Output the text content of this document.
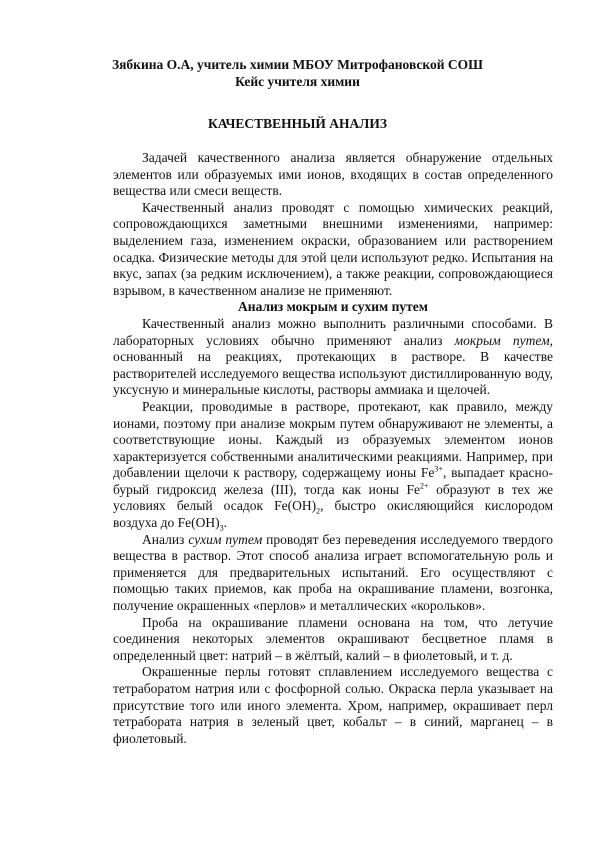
Зябкина О.А, учитель химии МБОУ Митрофановской СОШ
Кейс учителя химии
КАЧЕСТВЕННЫЙ АНАЛИЗ

Задачей качественного анализа является обнаружение отдельных элементов или образуемых ими ионов, входящих в состав определенного вещества или смеси веществ.

Качественный анализ проводят с помощью химических реакций, сопровождающихся заметными внешними изменениями, например: выделением газа, изменением окраски, образованием или растворением осадка. Физические методы для этой цели используют редко. Испытания на вкус, запах (за редким исключением), а также реакции, сопровождающиеся взрывом, в качественном анализе не применяют.

Анализ мокрым и сухим путем

Качественный анализ можно выполнить различными способами. В лабораторных условиях обычно применяют анализ мокрым путем, основанный на реакциях, протекающих в растворе. В качестве растворителей исследуемого вещества используют дистиллированную воду, уксусную и минеральные кислоты, растворы аммиака и щелочей.

Реакции, проводимые в растворе, протекают, как правило, между ионами, поэтому при анализе мокрым путем обнаруживают не элементы, а соответствующие ионы. Каждый из образуемых элементом ионов характеризуется собственными аналитическими реакциями. Например, при добавлении щелочи к раствору, содержащему ионы $Fe^{3+}$, выпадает красно-бурый гидроксид железа (III), тогда как ионы $Fe^{2+}$ образуют в тех же условиях белый осадок $Fe(OH)_2$, быстро окисляющийся кислородом воздуха до $Fe(OH)_3$.

Анализ сухим путем проводят без переведения исследуемого твердого вещества в раствор. Этот способ анализа играет вспомогательную роль и применяется для предварительных испытаний. Его осуществляют с помощью таких приемов, как проба на окрашивание пламени, возгонка, получение окрашенных «перлов» и металлических «корольков».

Проба на окрашивание пламени основана на том, что летучие соединения некоторых элементов окрашивают бесцветное пламя в определенный цвет: натрий – в жёлтый, калий – в фиолетовый, и т. д.

Окрашенные перлы готовят сплавлением исследуемого вещества с тетраборатом натрия или с фосфорной солью. Окраска перла указывает на присутствие того или иного элемента. Хром, например, окрашивает перл тетрабората натрия в зеленый цвет, кобальт – в синий, марганец – в фиолетовый.
